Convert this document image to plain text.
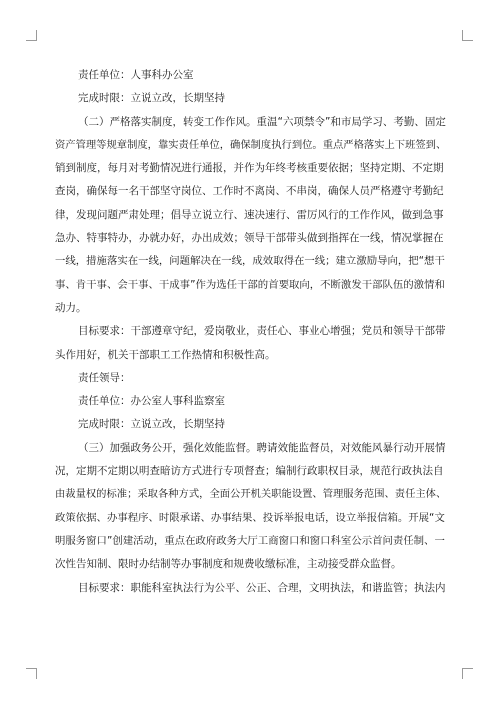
责任单位：人事科办公室
完成时限：立说立改，长期坚持
（二）严格落实制度，转变工作作风。重温“六项禁令”和市局学习、考勤、固定
资产管理等规章制度，靠实责任单位，确保制度执行到位。重点严格落实上下班签到、
销到制度，每月对考勤情况进行通报，并作为年终考核重要依据；坚持定期、不定期
查岗，确保每一名干部坚守岗位、工作时不离岗、不串岗，确保人员严格遵守考勤纪
律，发现问题严肃处理；倡导立说立行、速决速行、雷厉风行的工作作风，做到急事
急办、特事特办，办就办好，办出成效；领导干部带头做到指挥在一线，情况掌握在
一线，措施落实在一线，问题解决在一线，成效取得在一线；建立激励导向，把“想干
事、肯干事、会干事、干成事”作为选任干部的首要取向，不断激发干部队伍的激情和
动力。
目标要求：干部遵章守纪，爱岗敬业，责任心、事业心增强；党员和领导干部带
头作用好，机关干部职工工作热情和积极性高。
责任领导：
责任单位：办公室人事科监察室
完成时限：立说立改，长期坚持
（三）加强政务公开，强化效能监督。聘请效能监督员，对效能风暴行动开展情
况，定期不定期以明查暗访方式进行专项督查；编制行政职权目录，规范行政执法自
由裁量权的标准；采取各种方式，全面公开机关职能设置、管理服务范围、责任主体、
政策依据、办事程序、时限承诺、办事结果、投诉举报电话，设立举报信箱。开展“文
明服务窗口”创建活动，重点在政府政务大厅工商窗口和窗口科室公示首问责任制、一
次性告知制、限时办结制等办事制度和规费收缴标准，主动接受群众监督。
目标要求：职能科室执法行为公平、公正、合理，文明执法，和谐监管；执法内
